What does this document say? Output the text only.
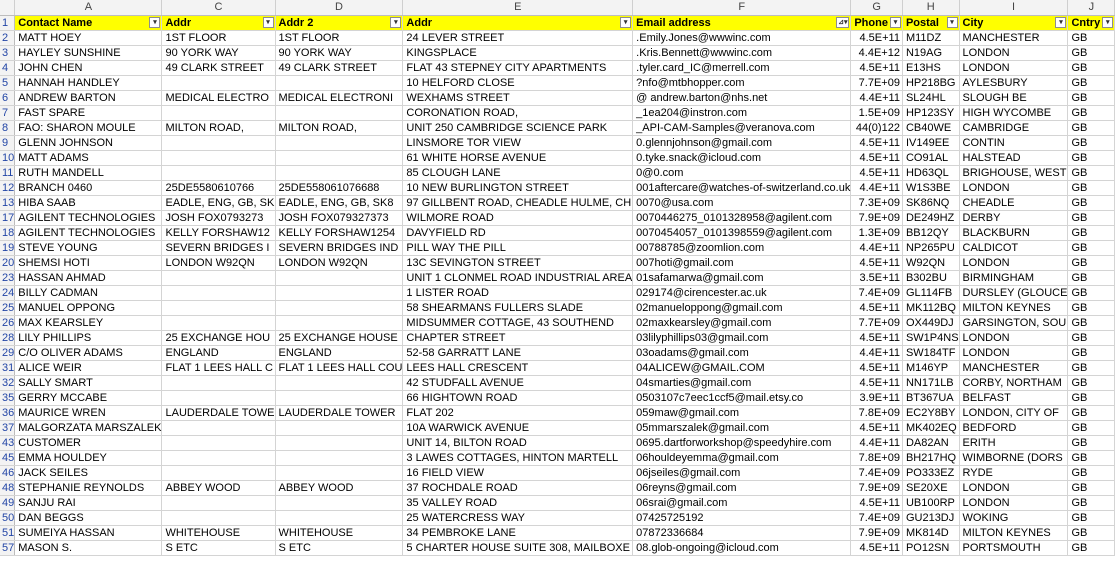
	A	C	D	E	F	G	H	I	J
1	Contact Name ▾	Addr ▾	Addr 2 ▾	Addr ▾	Email address ⊿▾	Phone ▾	Postal ▾	City ▾	Cntry ▾

2	MATT HOEY	1ST FLOOR	1ST FLOOR	24 LEVER STREET	.Emily.Jones@wwwinc.com	4.5E+11	M11DZ	MANCHESTER	GB
3	HAYLEY SUNSHINE	90 YORK WAY	90 YORK WAY	KINGSPLACE	.Kris.Bennett@wwwinc.com	4.4E+12	N19AG	LONDON	GB
4	JOHN CHEN	49 CLARK STREET	49 CLARK STREET	FLAT 43 STEPNEY CITY APARTMENTS	.tyler.card_IC@merrell.com	4.5E+11	E13HS	LONDON	GB
5	HANNAH HANDLEY			10 HELFORD CLOSE	?nfo@mtbhopper.com	7.7E+09	HP218BG	AYLESBURY	GB
6	ANDREW BARTON	MEDICAL ELECTRO	MEDICAL ELECTRONI	WEXHAMS STREET	@ andrew.barton@nhs.net	4.4E+11	SL24HL	SLOUGH BE	GB
7	FAST SPARE			CORONATION ROAD,	_1ea204@instron.com	1.5E+09	HP123SY	HIGH WYCOMBE	GB
8	FAO: SHARON MOULE	MILTON ROAD,	MILTON ROAD,	UNIT 250 CAMBRIDGE SCIENCE PARK	_API-CAM-Samples@veranova.com	44(0)122	CB40WE	CAMBRIDGE	GB
9	GLENN JOHNSON			LINSMORE TOR VIEW	0.glennjohnson@gmail.com	4.5E+11	IV149EE	CONTIN	GB
10	MATT ADAMS			61 WHITE HORSE AVENUE	0.tyke.snack@icloud.com	4.5E+11	CO91AL	HALSTEAD	GB
11	RUTH MANDELL			85 CLOUGH LANE	0@0.com	4.5E+11	HD63QL	BRIGHOUSE, WEST	GB
12	BRANCH 0460	25DE5580610766	25DE558061076688	10 NEW BURLINGTON STREET	001aftercare@watches-of-switzerland.co.uk	4.4E+11	W1S3BE	LONDON	GB
13	HIBA SAAB	EADLE, ENG, GB, SK	EADLE, ENG, GB, SK8	97 GILLBENT ROAD, CHEADLE HULME, CH	0070@usa.com	7.3E+09	SK86NQ	CHEADLE	GB
17	AGILENT TECHNOLOGIES	JOSH FOX0793273	JOSH FOX079327373	WILMORE ROAD	0070446275_0101328958@agilent.com	7.9E+09	DE249HZ	DERBY	GB
18	AGILENT TECHNOLOGIES	KELLY FORSHAW12	KELLY FORSHAW1254	DAVYFIELD RD	0070454057_0101398559@agilent.com	1.3E+09	BB12QY	BLACKBURN	GB
19	STEVE YOUNG	SEVERN BRIDGES I	SEVERN BRIDGES IND	PILL WAY THE PILL	00788785@zoomlion.com	4.4E+11	NP265PU	CALDICOT	GB
20	SHEMSI HOTI	LONDON W92QN	LONDON W92QN	13C SEVINGTON STREET	007hoti@gmail.com	4.5E+11	W92QN	LONDON	GB
23	HASSAN AHMAD			UNIT 1 CLONMEL ROAD INDUSTRIAL AREA	01safamarwa@gmail.com	3.5E+11	B302BU	BIRMINGHAM	GB
24	BILLY CADMAN			1 LISTER ROAD	029174@cirencester.ac.uk	7.4E+09	GL114FB	DURSLEY (GLOUCE	GB
25	MANUEL OPPONG			58 SHEARMANS FULLERS SLADE	02manueloppong@gmail.com	4.5E+11	MK112BQ	MILTON KEYNES	GB
26	MAX KEARSLEY			MIDSUMMER COTTAGE, 43 SOUTHEND	02maxkearsley@gmail.com	7.7E+09	OX449DJ	GARSINGTON, SOU	GB
28	LILY PHILLIPS	25 EXCHANGE HOU	25 EXCHANGE HOUSE	CHAPTER STREET	03lilyphillips03@gmail.com	4.5E+11	SW1P4NS	LONDON	GB
29	C/O OLIVER ADAMS	ENGLAND	ENGLAND	52-58 GARRATT LANE	03oadams@gmail.com	4.4E+11	SW184TF	LONDON	GB
31	ALICE WEIR	FLAT 1 LEES HALL C	FLAT 1 LEES HALL COU	LEES HALL CRESCENT	04ALICEW@GMAIL.COM	4.5E+11	M146YP	MANCHESTER	GB
32	SALLY SMART			42 STUDFALL AVENUE	04smarties@gmail.com	4.5E+11	NN171LB	CORBY, NORTHAM	GB
35	GERRY MCCABE			66 HIGHTOWN ROAD	0503107c7eec1ccf5@mail.etsy.co	3.9E+11	BT367UA	BELFAST	GB
36	MAURICE WREN	LAUDERDALE TOWE	LAUDERDALE TOWER	FLAT 202	059maw@gmail.com	7.8E+09	EC2Y8BY	LONDON, CITY OF	GB
37	MALGORZATA MARSZALEK			10A WARWICK AVENUE	05mmarszalek@gmail.com	4.5E+11	MK402EQ	BEDFORD	GB
43	CUSTOMER			UNIT 14, BILTON ROAD	0695.dartforworkshop@speedyhire.com	4.4E+11	DA82AN	ERITH	GB
45	EMMA HOULDEY			3 LAWES COTTAGES, HINTON MARTELL	06houldeyemma@gmail.com	7.8E+09	BH217HQ	WIMBORNE (DORS	GB
46	JACK SEILES			16 FIELD VIEW	06jseiles@gmail.com	7.4E+09	PO333EZ	RYDE	GB
48	STEPHANIE REYNOLDS	ABBEY WOOD	ABBEY WOOD	37 ROCHDALE ROAD	06reyns@gmail.com	7.9E+09	SE20XE	LONDON	GB
49	SANJU RAI			35 VALLEY ROAD	06srai@gmail.com	4.5E+11	UB100RP	LONDON	GB
50	DAN BEGGS			25 WATERCRESS WAY	07425725192	7.4E+09	GU213DJ	WOKING	GB
51	SUMEIYA HASSAN	WHITEHOUSE	WHITEHOUSE	34 PEMBROKE LANE	07872336684	7.9E+09	MK814D	MILTON KEYNES	GB
57	MASON S.	S ETC	S ETC	5 CHARTER HOUSE SUITE 308, MAILBOXE	08.glob-ongoing@icloud.com	4.5E+11	PO12SN	PORTSMOUTH	GB
